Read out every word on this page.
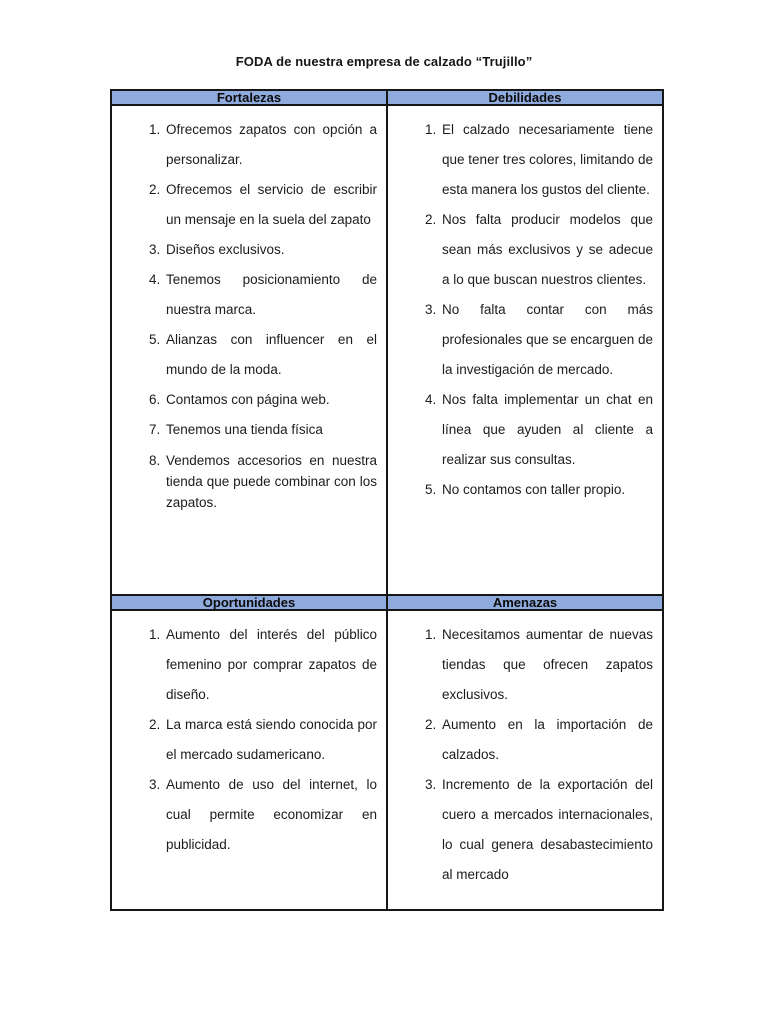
FODA de nuestra empresa de calzado “Trujillo”
Fortalezas	Debilidades

1. Ofrecemos zapatos con opción a personalizar.
2. Ofrecemos el servicio de escribir un mensaje en la suela del zapato
3. Diseños exclusivos.
4. Tenemos posicionamiento de nuestra marca.
5. Alianzas con influencer en el mundo de la moda.
6. Contamos con página web.
7. Tenemos una tienda física
8. Vendemos accesorios en nuestra tienda que puede combinar con los zapatos.

1. El calzado necesariamente tiene que tener tres colores, limitando de esta manera los gustos del cliente.
2. Nos falta producir modelos que sean más exclusivos y se adecue a lo que buscan nuestros clientes.
3. No falta contar con más profesionales que se encarguen de la investigación de mercado.
4. Nos falta implementar un chat en línea que ayuden al cliente a realizar sus consultas.
5. No contamos con taller propio.

Oportunidades	Amenazas

1. Aumento del interés del público femenino por comprar zapatos de diseño.
2. La marca está siendo conocida por el mercado sudamericano.
3. Aumento de uso del internet, lo cual permite economizar en publicidad.

1. Necesitamos aumentar de nuevas tiendas que ofrecen zapatos exclusivos.
2. Aumento en la importación de calzados.
3. Incremento de la exportación del cuero a mercados internacionales, lo cual genera desabastecimiento al mercado
